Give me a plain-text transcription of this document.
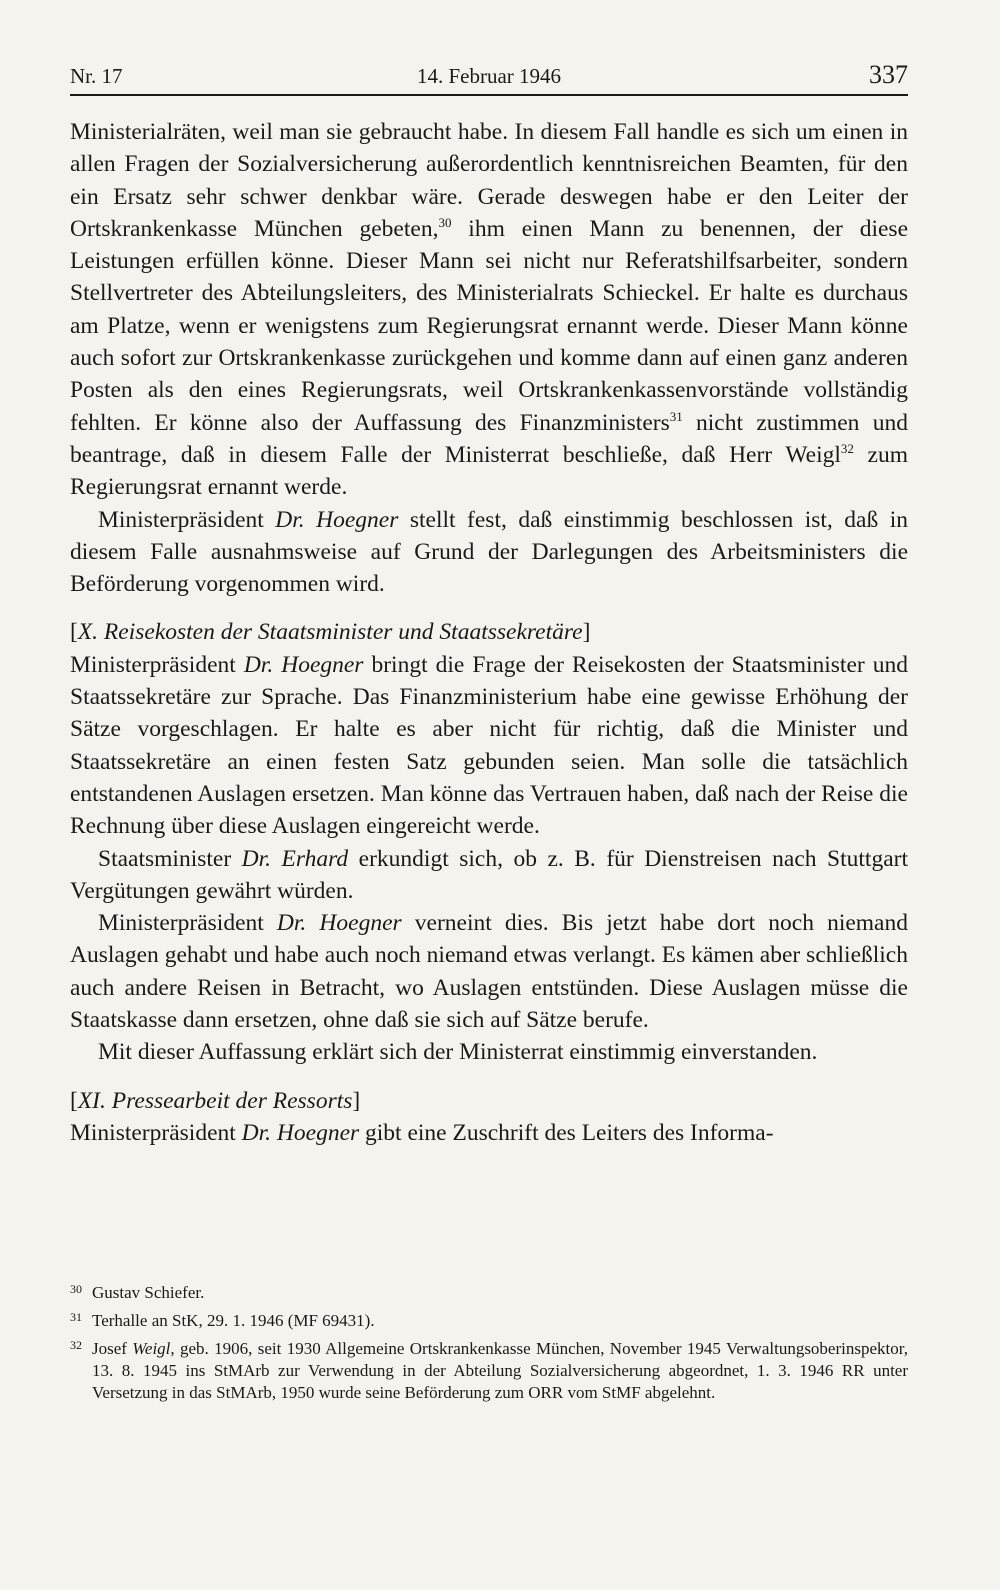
Nr. 17	14. Februar 1946	337

Ministerialräten, weil man sie gebraucht habe. In diesem Fall handle es sich um einen in allen Fragen der Sozialversicherung außerordentlich kenntnisreichen Beamten, für den ein Ersatz sehr schwer denkbar wäre. Gerade deswegen habe er den Leiter der Ortskrankenkasse München gebeten,$^{30}$ ihm einen Mann zu benennen, der diese Leistungen erfüllen könne. Dieser Mann sei nicht nur Referatshilfsarbeiter, sondern Stellvertreter des Abteilungsleiters, des Ministerialrats Schieckel. Er halte es durchaus am Platze, wenn er wenigstens zum Regierungsrat ernannt werde. Dieser Mann könne auch sofort zur Ortskrankenkasse zurückgehen und komme dann auf einen ganz anderen Posten als den eines Regierungsrats, weil Ortskrankenkassenvorstände vollständig fehlten. Er könne also der Auffassung des Finanzministers$^{31}$ nicht zustimmen und beantrage, daß in diesem Falle der Ministerrat beschließe, daß Herr Weigl$^{32}$ zum Regierungsrat ernannt werde.

Ministerpräsident Dr. Hoegner stellt fest, daß einstimmig beschlossen ist, daß in diesem Falle ausnahmsweise auf Grund der Darlegungen des Arbeitsministers die Beförderung vorgenommen wird.

[X. Reisekosten der Staatsminister und Staatssekretäre]

Ministerpräsident Dr. Hoegner bringt die Frage der Reisekosten der Staatsminister und Staatssekretäre zur Sprache. Das Finanzministerium habe eine gewisse Erhöhung der Sätze vorgeschlagen. Er halte es aber nicht für richtig, daß die Minister und Staatssekretäre an einen festen Satz gebunden seien. Man solle die tatsächlich entstandenen Auslagen ersetzen. Man könne das Vertrauen haben, daß nach der Reise die Rechnung über diese Auslagen eingereicht werde.

Staatsminister Dr. Erhard erkundigt sich, ob z. B. für Dienstreisen nach Stuttgart Vergütungen gewährt würden.

Ministerpräsident Dr. Hoegner verneint dies. Bis jetzt habe dort noch niemand Auslagen gehabt und habe auch noch niemand etwas verlangt. Es kämen aber schließlich auch andere Reisen in Betracht, wo Auslagen entstünden. Diese Auslagen müsse die Staatskasse dann ersetzen, ohne daß sie sich auf Sätze berufe.

Mit dieser Auffassung erklärt sich der Ministerrat einstimmig einverstanden.

[XI. Pressearbeit der Ressorts]

Ministerpräsident Dr. Hoegner gibt eine Zuschrift des Leiters des Informa-

30 Gustav Schiefer.
31 Terhalle an StK, 29. 1. 1946 (MF 69431).
32 Josef Weigl, geb. 1906, seit 1930 Allgemeine Ortskrankenkasse München, November 1945 Verwaltungsoberinspektor, 13. 8. 1945 ins StMArb zur Verwendung in der Abteilung Sozialversicherung abgeordnet, 1. 3. 1946 RR unter Versetzung in das StMArb, 1950 wurde seine Beförderung zum ORR vom StMF abgelehnt.
